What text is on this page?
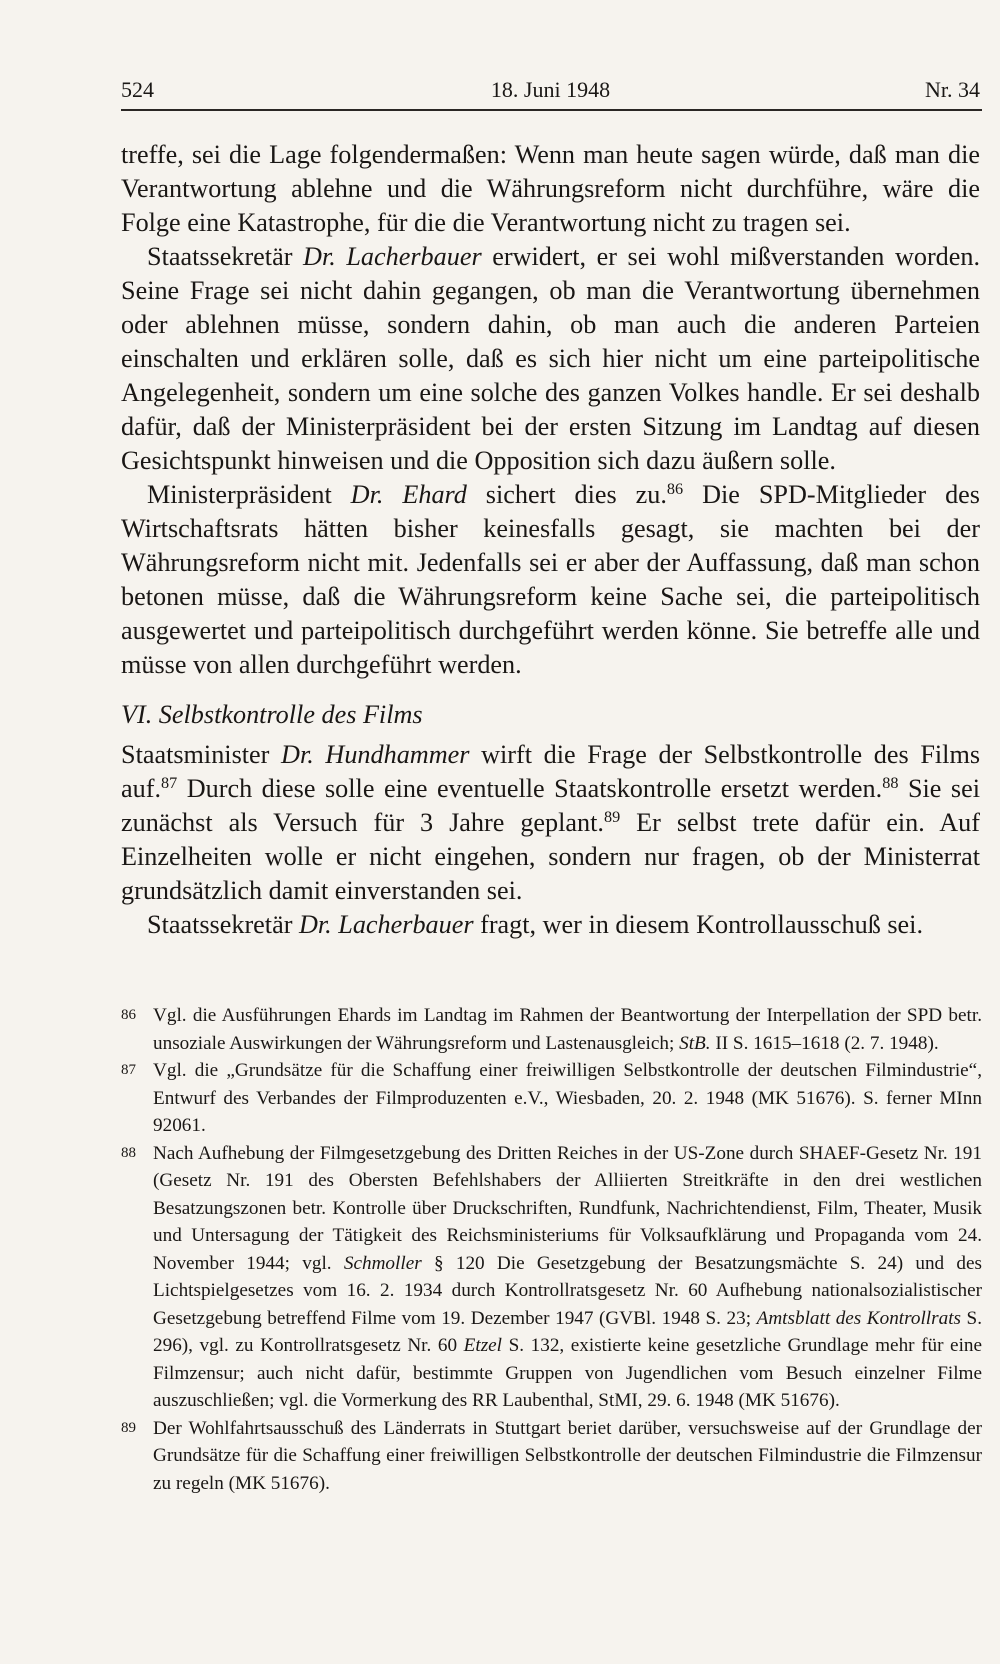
524	18. Juni 1948	Nr. 34

treffe, sei die Lage folgendermaßen: Wenn man heute sagen würde, daß man die Verantwortung ablehne und die Währungsreform nicht durchführe, wäre die Folge eine Katastrophe, für die die Verantwortung nicht zu tragen sei.

Staatssekretär Dr. Lacherbauer erwidert, er sei wohl mißverstanden worden. Seine Frage sei nicht dahin gegangen, ob man die Verantwortung übernehmen oder ablehnen müsse, sondern dahin, ob man auch die anderen Parteien einschalten und erklären solle, daß es sich hier nicht um eine parteipolitische Angelegenheit, sondern um eine solche des ganzen Volkes handle. Er sei deshalb dafür, daß der Ministerpräsident bei der ersten Sitzung im Landtag auf diesen Gesichtspunkt hinweisen und die Opposition sich dazu äußern solle.

Ministerpräsident Dr. Ehard sichert dies zu.$^{86}$ Die SPD-Mitglieder des Wirtschaftsrats hätten bisher keinesfalls gesagt, sie machten bei der Währungsreform nicht mit. Jedenfalls sei er aber der Auffassung, daß man schon betonen müsse, daß die Währungsreform keine Sache sei, die parteipolitisch ausgewertet und parteipolitisch durchgeführt werden könne. Sie betreffe alle und müsse von allen durchgeführt werden.

VI. Selbstkontrolle des Films

Staatsminister Dr. Hundhammer wirft die Frage der Selbstkontrolle des Films auf.$^{87}$ Durch diese solle eine eventuelle Staatskontrolle ersetzt werden.$^{88}$ Sie sei zunächst als Versuch für 3 Jahre geplant.$^{89}$ Er selbst trete dafür ein. Auf Einzelheiten wolle er nicht eingehen, sondern nur fragen, ob der Ministerrat grundsätzlich damit einverstanden sei.

Staatssekretär Dr. Lacherbauer fragt, wer in diesem Kontrollausschuß sei.

86 Vgl. die Ausführungen Ehards im Landtag im Rahmen der Beantwortung der Interpellation der SPD betr. unsoziale Auswirkungen der Währungsreform und Lastenausgleich; StB. II S. 1615–1618 (2. 7. 1948).
87 Vgl. die „Grundsätze für die Schaffung einer freiwilligen Selbstkontrolle der deutschen Filmindustrie“, Entwurf des Verbandes der Filmproduzenten e.V., Wiesbaden, 20. 2. 1948 (MK 51676). S. ferner MInn 92061.
88 Nach Aufhebung der Filmgesetzgebung des Dritten Reiches in der US-Zone durch SHAEF-Gesetz Nr. 191 (Gesetz Nr. 191 des Obersten Befehlshabers der Alliierten Streitkräfte in den drei westlichen Besatzungszonen betr. Kontrolle über Druckschriften, Rundfunk, Nachrichtendienst, Film, Theater, Musik und Untersagung der Tätigkeit des Reichsministeriums für Volksaufklärung und Propaganda vom 24. November 1944; vgl. Schmoller § 120 Die Gesetzgebung der Besatzungsmächte S. 24) und des Lichtspielgesetzes vom 16. 2. 1934 durch Kontrollratsgesetz Nr. 60 Aufhebung nationalsozialistischer Gesetzgebung betreffend Filme vom 19. Dezember 1947 (GVBl. 1948 S. 23; Amtsblatt des Kontrollrats S. 296), vgl. zu Kontrollratsgesetz Nr. 60 Etzel S. 132, existierte keine gesetzliche Grundlage mehr für eine Filmzensur; auch nicht dafür, bestimmte Gruppen von Jugendlichen vom Besuch einzelner Filme auszuschließen; vgl. die Vormerkung des RR Laubenthal, StMI, 29. 6. 1948 (MK 51676).
89 Der Wohlfahrtsausschuß des Länderrats in Stuttgart beriet darüber, versuchsweise auf der Grundlage der Grundsätze für die Schaffung einer freiwilligen Selbstkontrolle der deutschen Filmindustrie die Filmzensur zu regeln (MK 51676).
